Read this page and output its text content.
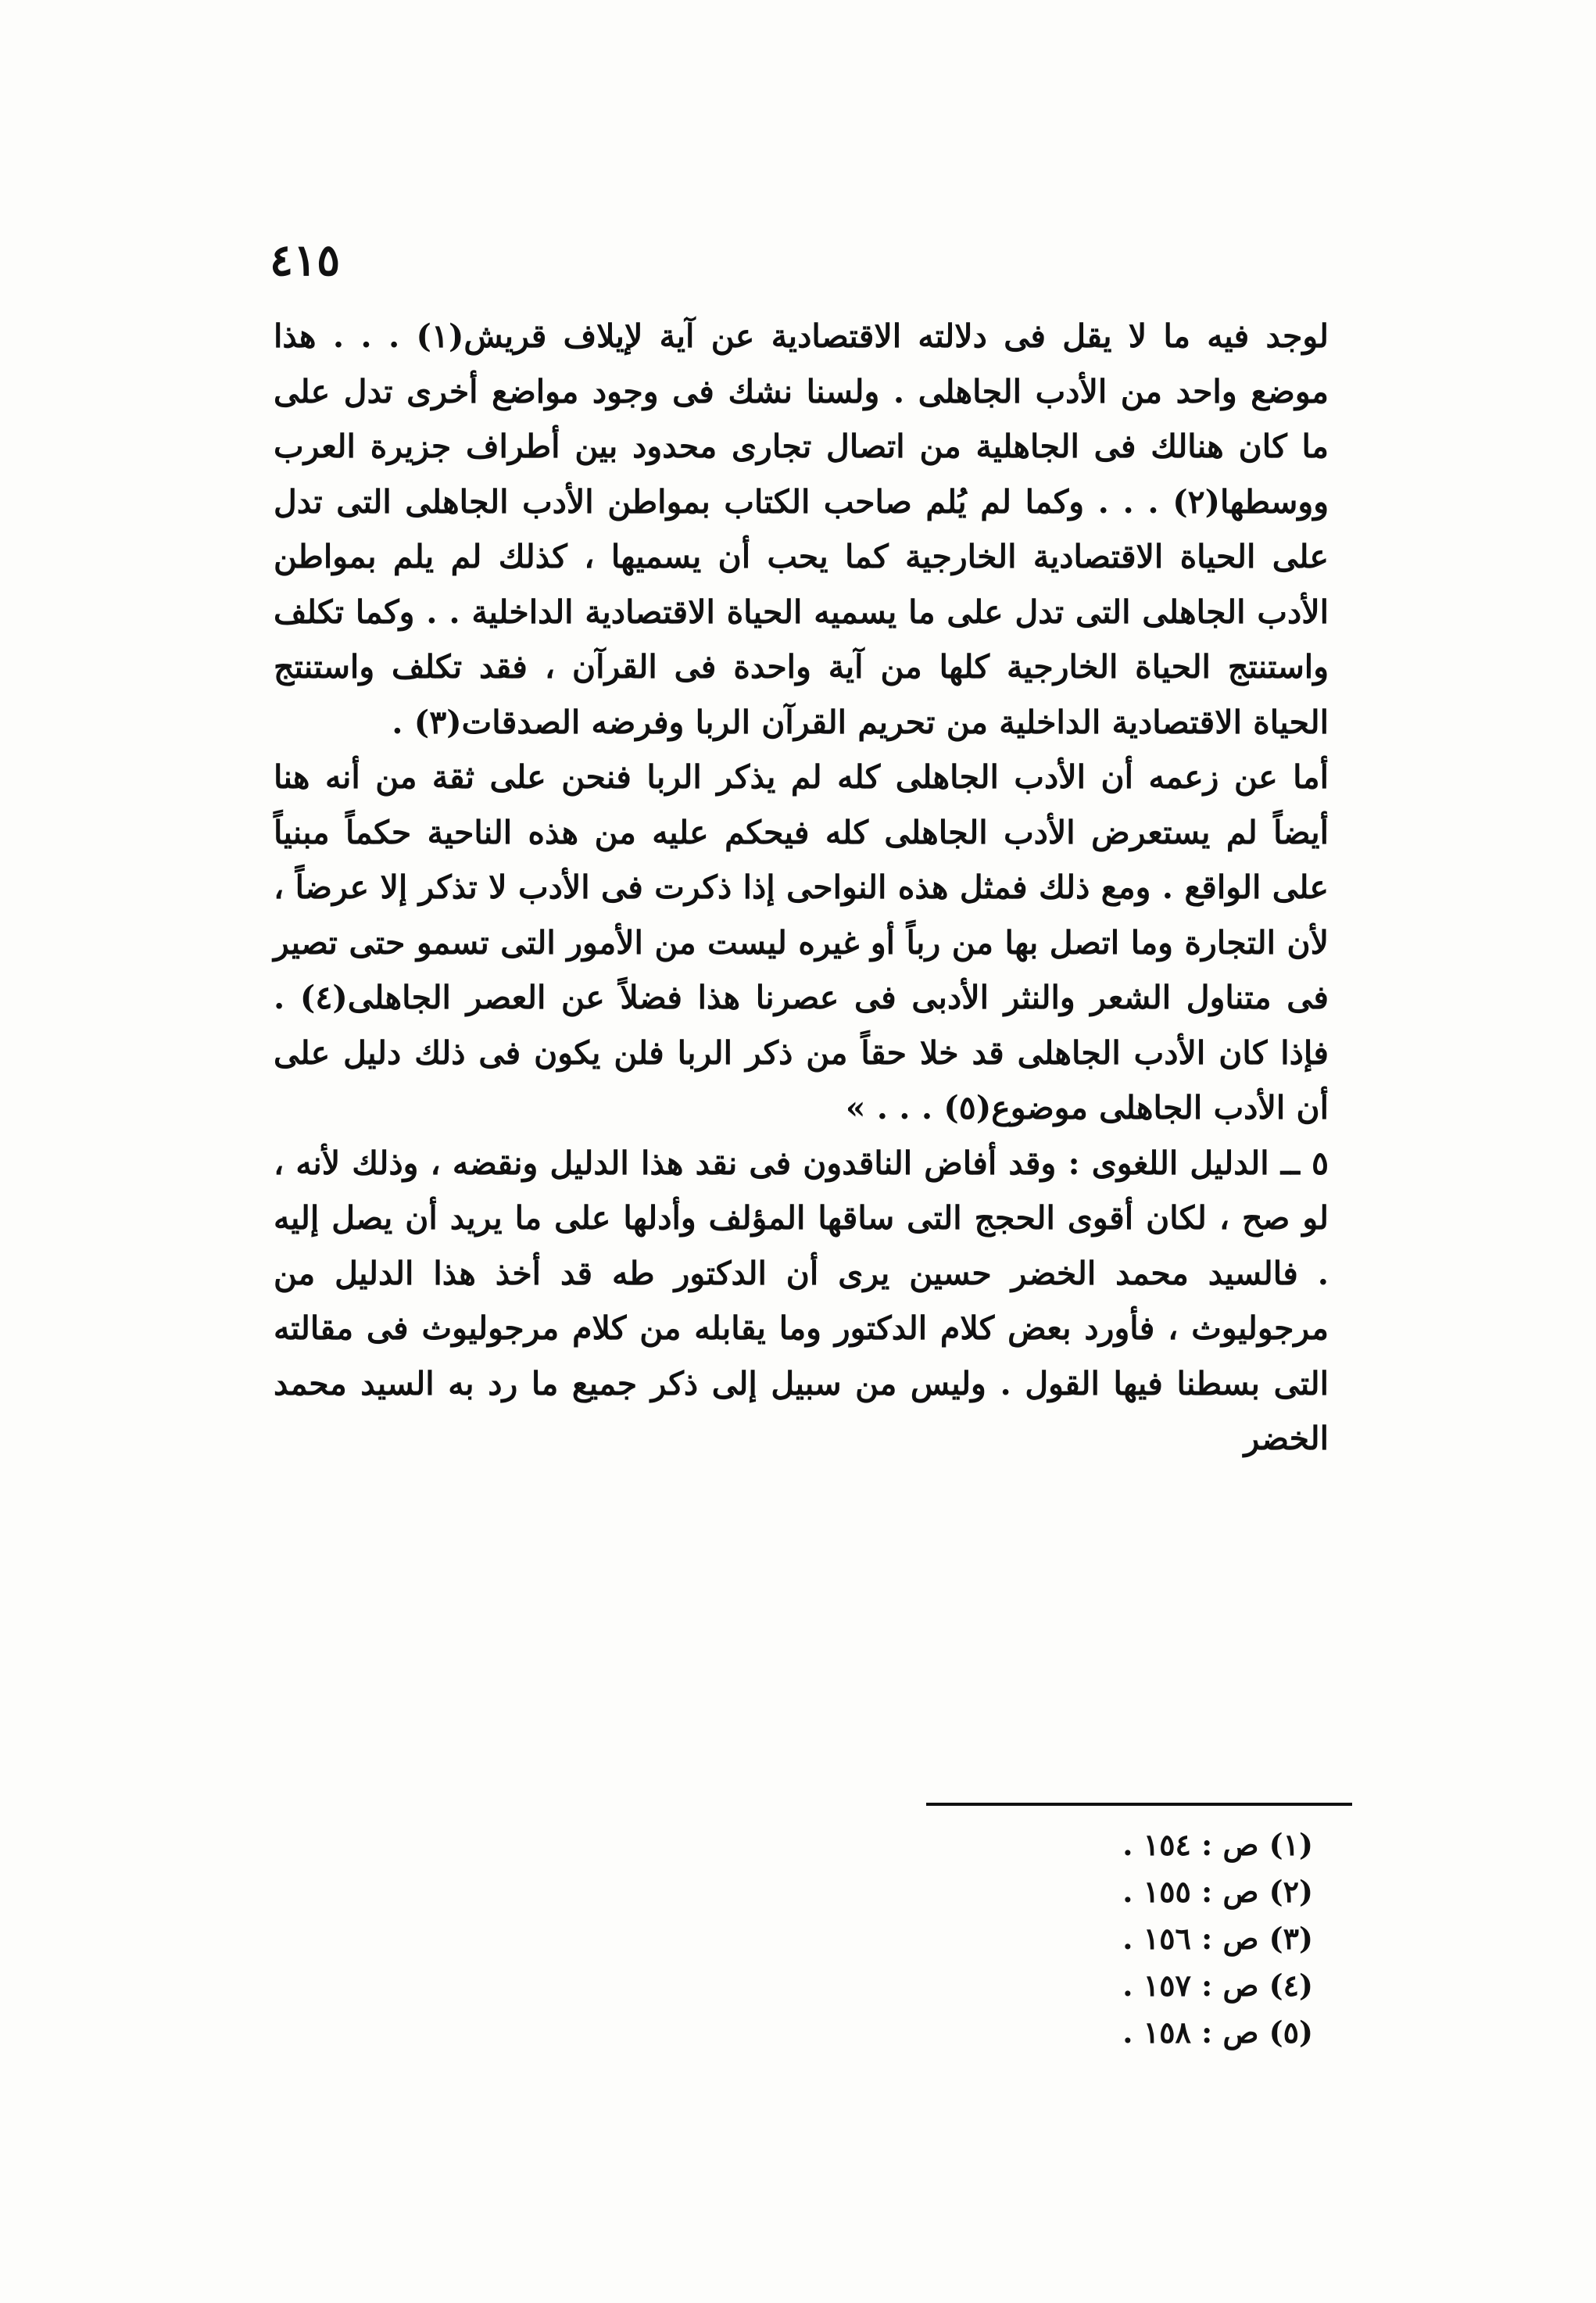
٤١٥

لوجد فيه ما لا يقل فى دلالته الاقتصادية عن آية لإيلاف قريش(١) . . . هذا موضع واحد من الأدب الجاهلى . ولسنا نشك فى وجود مواضع أخرى تدل على ما كان هنالك فى الجاهلية من اتصال تجارى محدود بين أطراف جزيرة العرب ووسطها(٢) . . . وكما لم يُلم صاحب الكتاب بمواطن الأدب الجاهلى التى تدل على الحياة الاقتصادية الخارجية كما يحب أن يسميها ، كذلك لم يلم بمواطن الأدب الجاهلى التى تدل على ما يسميه الحياة الاقتصادية الداخلية . . وكما تكلف واستنتج الحياة الخارجية كلها من آية واحدة فى القرآن ، فقد تكلف واستنتج الحياة الاقتصادية الداخلية من تحريم القرآن الربا وفرضه الصدقات(٣) .

أما عن زعمه أن الأدب الجاهلى كله لم يذكر الربا فنحن على ثقة من أنه هنا أيضاً لم يستعرض الأدب الجاهلى كله فيحكم عليه من هذه الناحية حكماً مبنياً على الواقع . ومع ذلك فمثل هذه النواحى إذا ذكرت فى الأدب لا تذكر إلا عرضاً ، لأن التجارة وما اتصل بها من رباً أو غيره ليست من الأمور التى تسمو حتى تصير فى متناول الشعر والنثر الأدبى فى عصرنا هذا فضلاً عن العصر الجاهلى(٤) . فإذا كان الأدب الجاهلى قد خلا حقاً من ذكر الربا فلن يكون فى ذلك دليل على أن الأدب الجاهلى موضوع(٥) . . . »

٥ ــ الدليل اللغوى : وقد أفاض الناقدون فى نقد هذا الدليل ونقضه ، وذلك لأنه ، لو صح ، لكان أقوى الحجج التى ساقها المؤلف وأدلها على ما يريد أن يصل إليه . فالسيد محمد الخضر حسين يرى أن الدكتور طه قد أخذ هذا الدليل من مرجوليوث ، فأورد بعض كلام الدكتور وما يقابله من كلام مرجوليوث فى مقالته التى بسطنا فيها القول . وليس من سبيل إلى ذكر جميع ما رد به السيد محمد الخضر

(١) ص : ١٥٤ .
(٢) ص : ١٥٥ .
(٣) ص : ١٥٦ .
(٤) ص : ١٥٧ .
(٥) ص : ١٥٨ .
